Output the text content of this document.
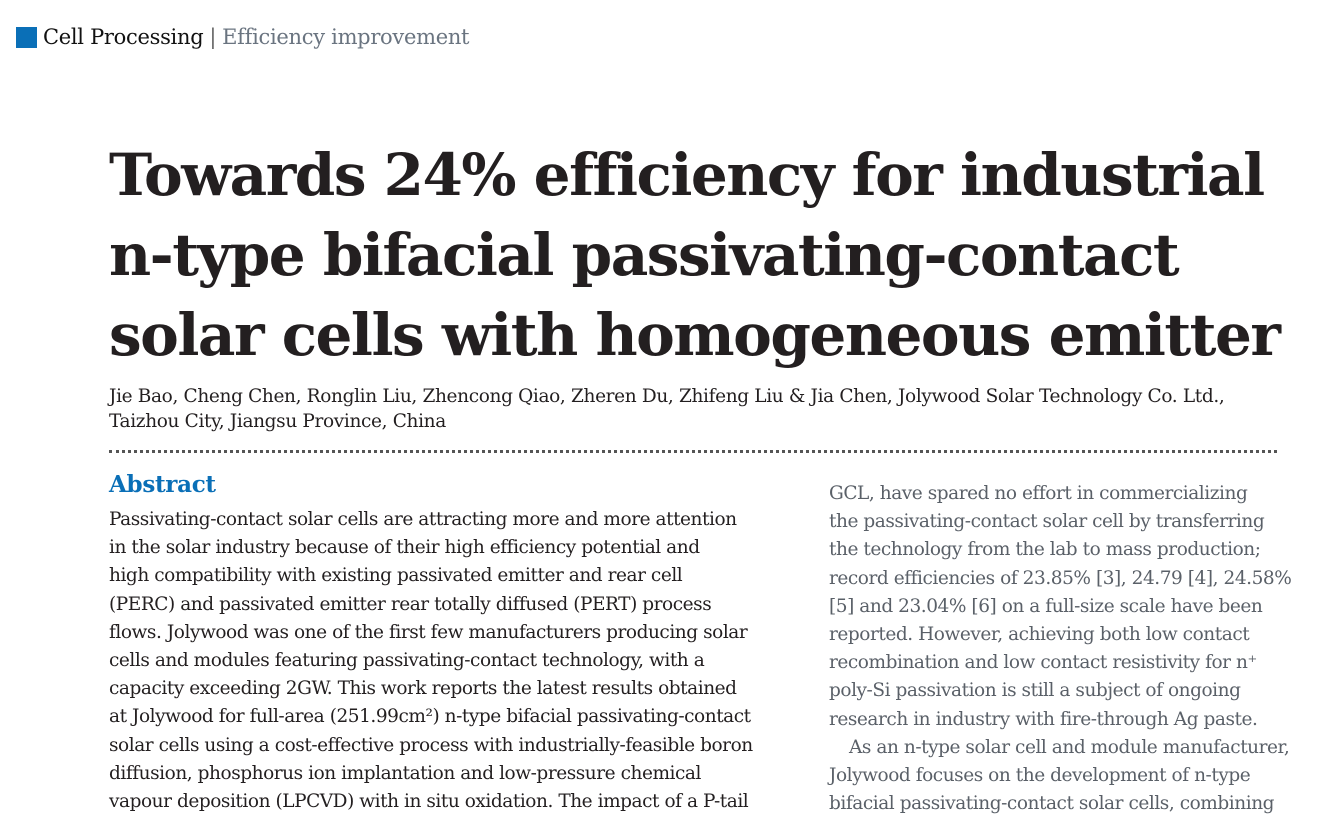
Cell Processing | Efficiency improvement
Towards 24% efficiency for industrial
n-type bifacial passivating-contact
solar cells with homogeneous emitter
Jie Bao, Cheng Chen, Ronglin Liu, Zhencong Qiao, Zheren Du, Zhifeng Liu & Jia Chen, Jolywood Solar Technology Co. Ltd.,
Taizhou City, Jiangsu Province, China
Abstract
Passivating-contact solar cells are attracting more and more attention
in the solar industry because of their high efficiency potential and
high compatibility with existing passivated emitter and rear cell
(PERC) and passivated emitter rear totally diffused (PERT) process
flows. Jolywood was one of the first few manufacturers producing solar
cells and modules featuring passivating-contact technology, with a
capacity exceeding 2GW. This work reports the latest results obtained
at Jolywood for full-area (251.99cm²) n-type bifacial passivating-contact
solar cells using a cost-effective process with industrially-feasible boron
diffusion, phosphorus ion implantation and low-pressure chemical
vapour deposition (LPCVD) with in situ oxidation. The impact of a P-tail
GCL, have spared no effort in commercializing
the passivating-contact solar cell by transferring
the technology from the lab to mass production;
record efficiencies of 23.85% [3], 24.79 [4], 24.58%
[5] and 23.04% [6] on a full-size scale have been
reported. However, achieving both low contact
recombination and low contact resistivity for n⁺
poly-Si passivation is still a subject of ongoing
research in industry with fire-through Ag paste.
As an n-type solar cell and module manufacturer,
Jolywood focuses on the development of n-type
bifacial passivating-contact solar cells, combining
